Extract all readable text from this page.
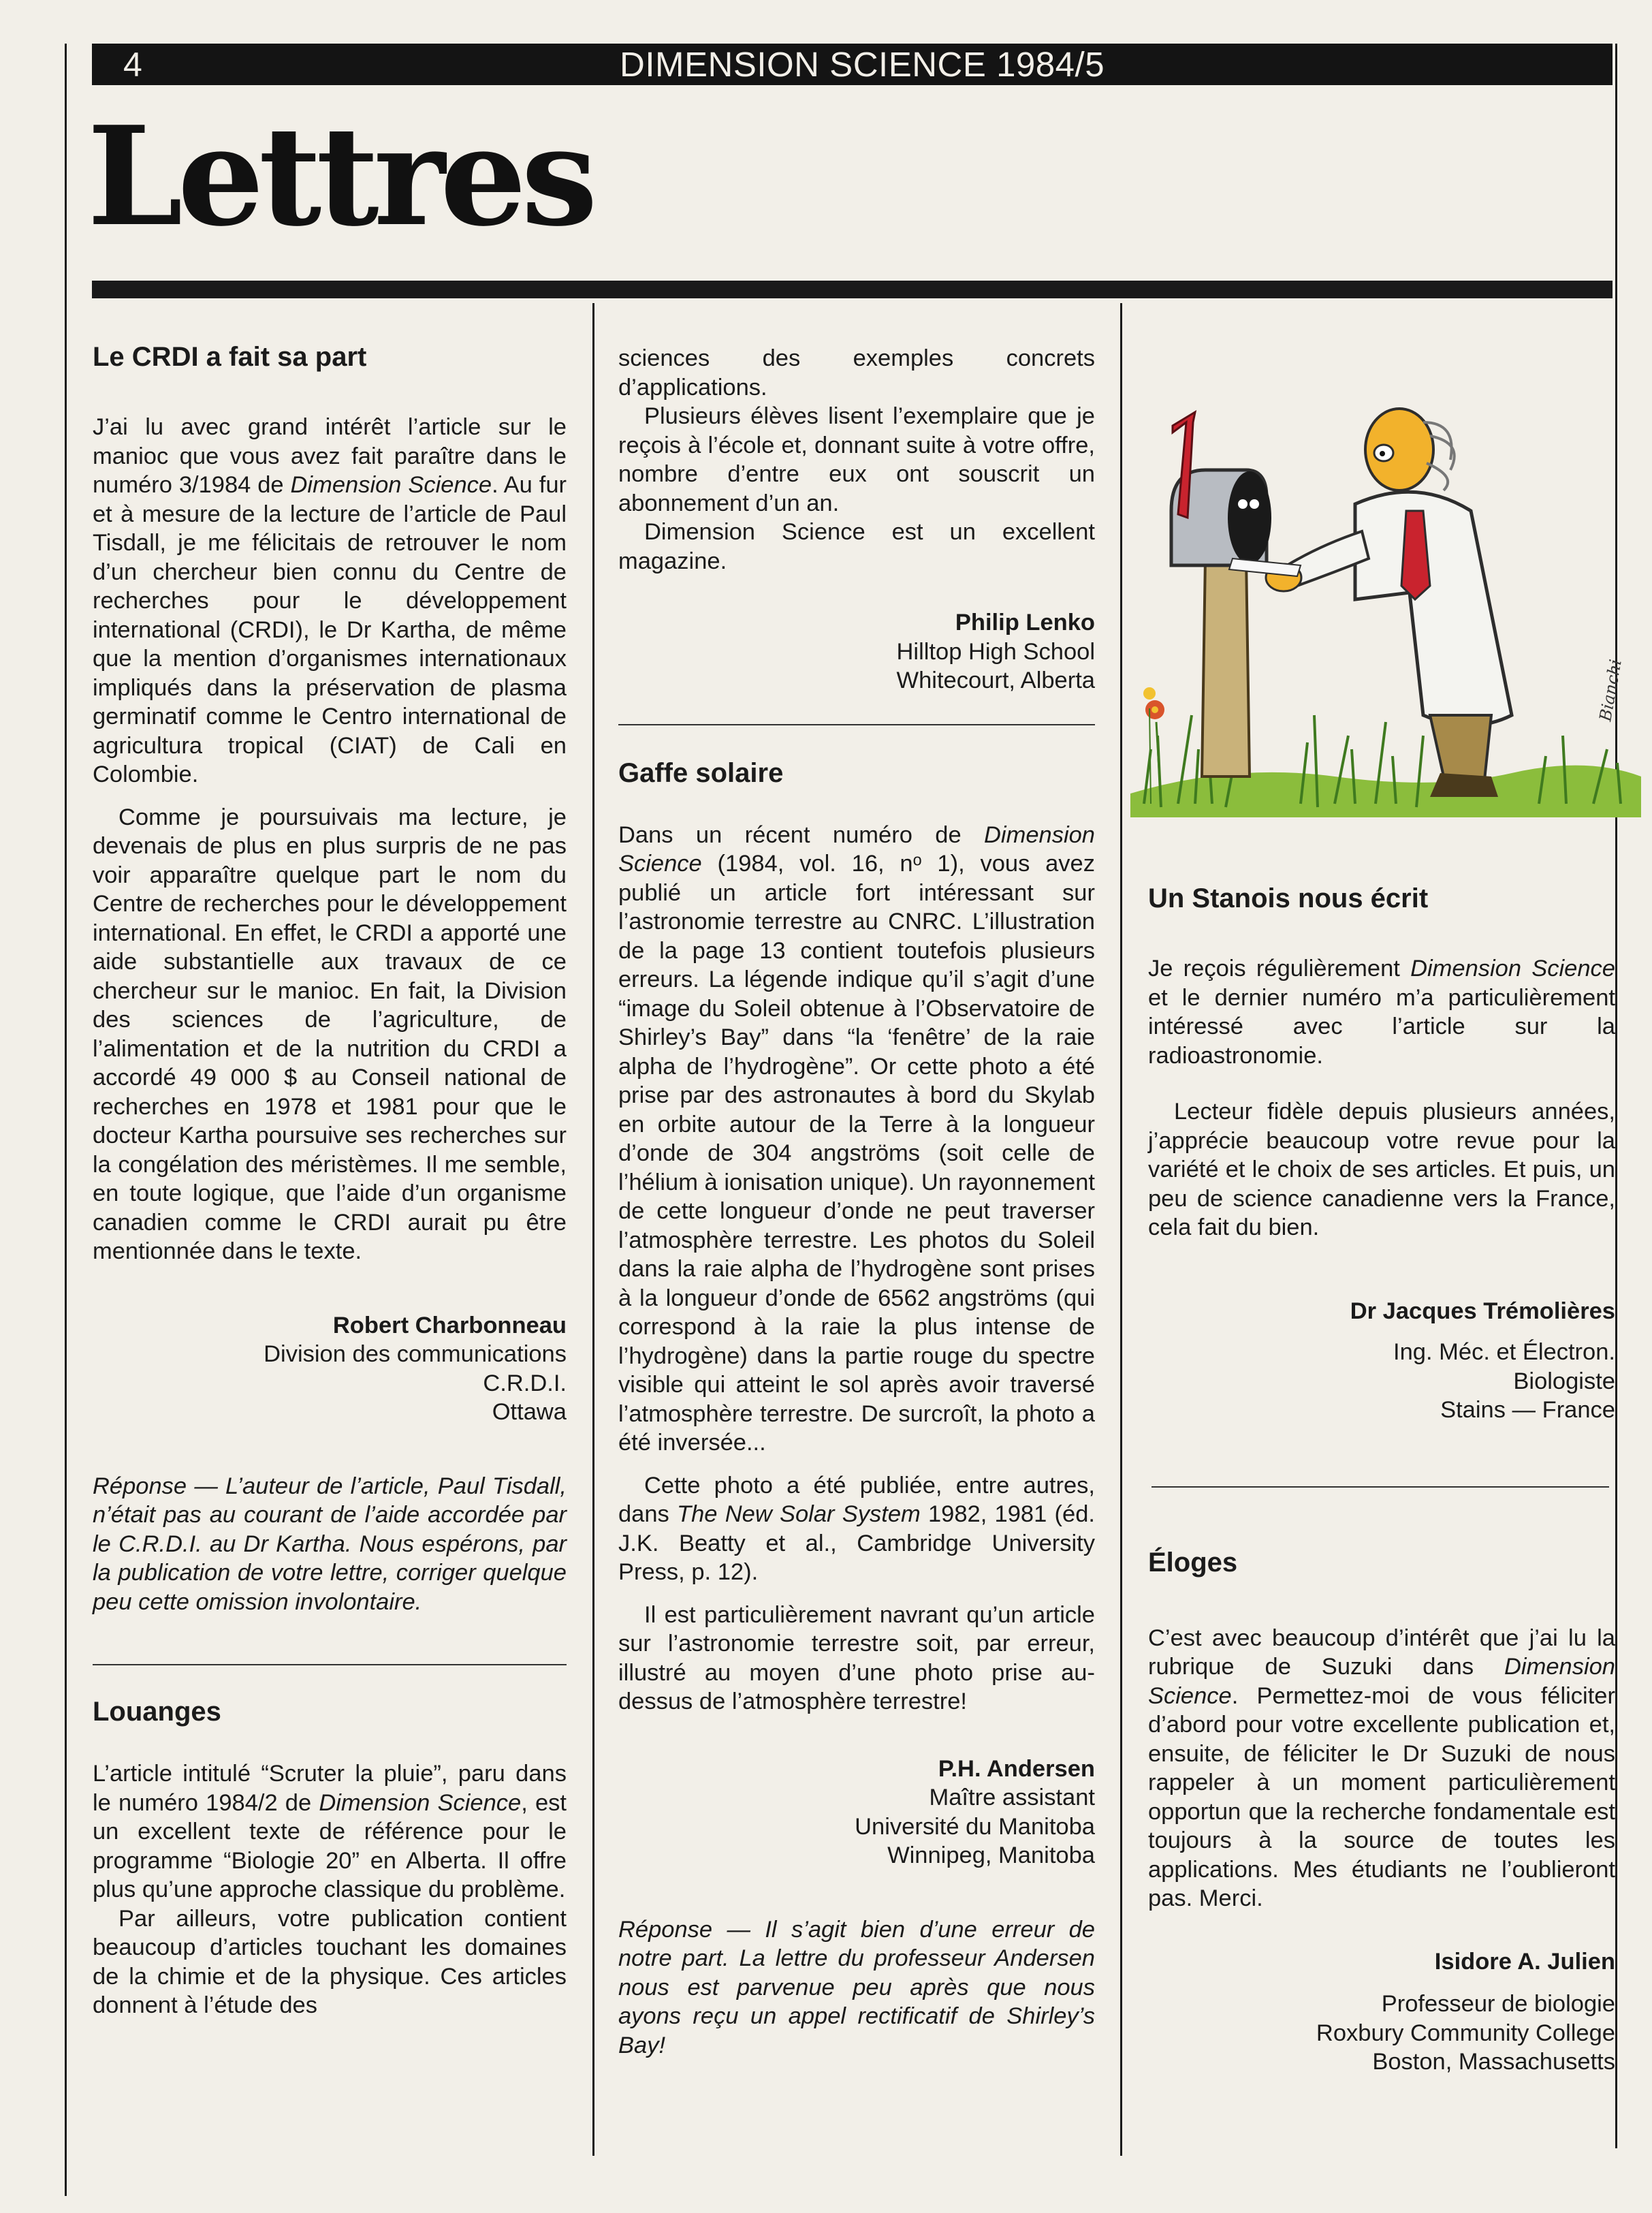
4	DIMENSION SCIENCE 1984/5
Lettres
Le CRDI a fait sa part

J’ai lu avec grand intérêt l’article sur le manioc que vous avez fait paraître dans le numéro 3/1984 de Dimension Science. Au fur et à mesure de la lecture de l’article de Paul Tisdall, je me félicitais de retrouver le nom d’un chercheur bien connu du Centre de recherches pour le développement international (CRDI), le Dr Kartha, de même que la mention d’organismes internationaux impliqués dans la préservation de plasma germinatif comme le Centro international de agricultura tropical (CIAT) de Cali en Colombie.

Comme je poursuivais ma lecture, je devenais de plus en plus surpris de ne pas voir apparaître quelque part le nom du Centre de recherches pour le développement international. En effet, le CRDI a apporté une aide substantielle aux travaux de ce chercheur sur le manioc. En fait, la Division des sciences de l’agriculture, de l’alimentation et de la nutrition du CRDI a accordé 49 000 $ au Conseil national de recherches en 1978 et 1981 pour que le docteur Kartha poursuive ses recherches sur la congélation des méristèmes. Il me semble, en toute logique, que l’aide d’un organisme canadien comme le CRDI aurait pu être mentionnée dans le texte.

Robert Charbonneau
Division des communications
C.R.D.I.
Ottawa

Réponse — L’auteur de l’article, Paul Tisdall, n’était pas au courant de l’aide accordée par le C.R.D.I. au Dr Kartha. Nous espérons, par la publication de votre lettre, corriger quelque peu cette omission involontaire.

Louanges

L’article intitulé “Scruter la pluie”, paru dans le numéro 1984/2 de Dimension Science, est un excellent texte de référence pour le programme “Biologie 20” en Alberta. Il offre plus qu’une approche classique du problème.

Par ailleurs, votre publication contient beaucoup d’articles touchant les domaines de la chimie et de la physique. Ces articles donnent à l’étude des

sciences des exemples concrets d’applications.

Plusieurs élèves lisent l’exemplaire que je reçois à l’école et, donnant suite à votre offre, nombre d’entre eux ont souscrit un abonnement d’un an.

Dimension Science est un excellent magazine.

Philip Lenko
Hilltop High School
Whitecourt, Alberta
Gaffe solaire

Dans un récent numéro de Dimension Science (1984, vol. 16, nᵒ 1), vous avez publié un article fort intéressant sur l’astronomie terrestre au CNRC. L’illustration de la page 13 contient toutefois plusieurs erreurs. La légende indique qu’il s’agit d’une “image du Soleil obtenue à l’Observatoire de Shirley’s Bay” dans “la ‘fenêtre’ de la raie alpha de l’hydrogène”. Or cette photo a été prise par des astronautes à bord du Skylab en orbite autour de la Terre à la longueur d’onde de 304 angströms (soit celle de l’hélium à ionisation unique). Un rayonnement de cette longueur d’onde ne peut traverser l’atmosphère terrestre. Les photos du Soleil dans la raie alpha de l’hydrogène sont prises à la longueur d’onde de 6562 angströms (qui correspond à la raie la plus intense de l’hydrogène) dans la partie rouge du spectre visible qui atteint le sol après avoir traversé l’atmosphère terrestre. De surcroît, la photo a été inversée...

Cette photo a été publiée, entre autres, dans The New Solar System 1982, 1981 (éd. J.K. Beatty et al., Cambridge University Press, p. 12).

Il est particulièrement navrant qu’un article sur l’astronomie terrestre soit, par erreur, illustré au moyen d’une photo prise au-dessus de l’atmosphère terrestre!

P.H. Andersen
Maître assistant
Université du Manitoba
Winnipeg, Manitoba

Réponse — Il s’agit bien d’une erreur de notre part. La lettre du professeur Andersen nous est parvenue peu après que nous ayons reçu un appel rectificatif de Shirley’s Bay!

Bianchi
Un Stanois nous écrit

Je reçois régulièrement Dimension Science et le dernier numéro m’a particulièrement intéressé avec l’article sur la radioastronomie.

Lecteur fidèle depuis plusieurs années, j’apprécie beaucoup votre revue pour la variété et le choix de ses articles. Et puis, un peu de science canadienne vers la France, cela fait du bien.

Dr Jacques Trémolières
Ing. Méc. et Électron.
Biologiste
Stains — France
Éloges

C’est avec beaucoup d’intérêt que j’ai lu la rubrique de Suzuki dans Dimension Science. Permettez-moi de vous féliciter d’abord pour votre excellente publication et, ensuite, de féliciter le Dr Suzuki de nous rappeler à un moment particulièrement opportun que la recherche fondamentale est toujours à la source de toutes les applications. Mes étudiants ne l’oublieront pas. Merci.

Isidore A. Julien
Professeur de biologie
Roxbury Community College
Boston, Massachusetts
